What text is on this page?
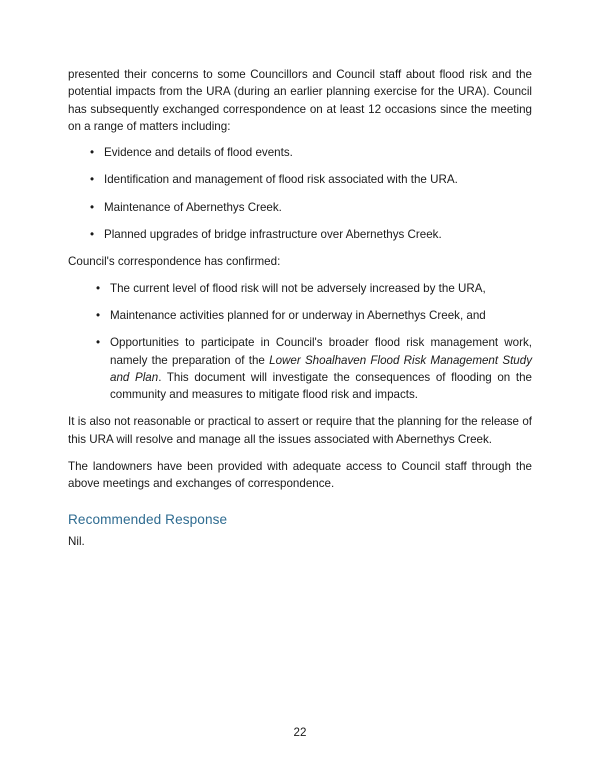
presented their concerns to some Councillors and Council staff about flood risk and the potential impacts from the URA (during an earlier planning exercise for the URA). Council has subsequently exchanged correspondence on at least 12 occasions since the meeting on a range of matters including:

• Evidence and details of flood events.
• Identification and management of flood risk associated with the URA.
• Maintenance of Abernethys Creek.
• Planned upgrades of bridge infrastructure over Abernethys Creek.

Council's correspondence has confirmed:

• The current level of flood risk will not be adversely increased by the URA,
• Maintenance activities planned for or underway in Abernethys Creek, and
• Opportunities to participate in Council's broader flood risk management work, namely the preparation of the Lower Shoalhaven Flood Risk Management Study and Plan. This document will investigate the consequences of flooding on the community and measures to mitigate flood risk and impacts.

It is also not reasonable or practical to assert or require that the planning for the release of this URA will resolve and manage all the issues associated with Abernethys Creek.

The landowners have been provided with adequate access to Council staff through the above meetings and exchanges of correspondence.

Recommended Response

Nil.

22
